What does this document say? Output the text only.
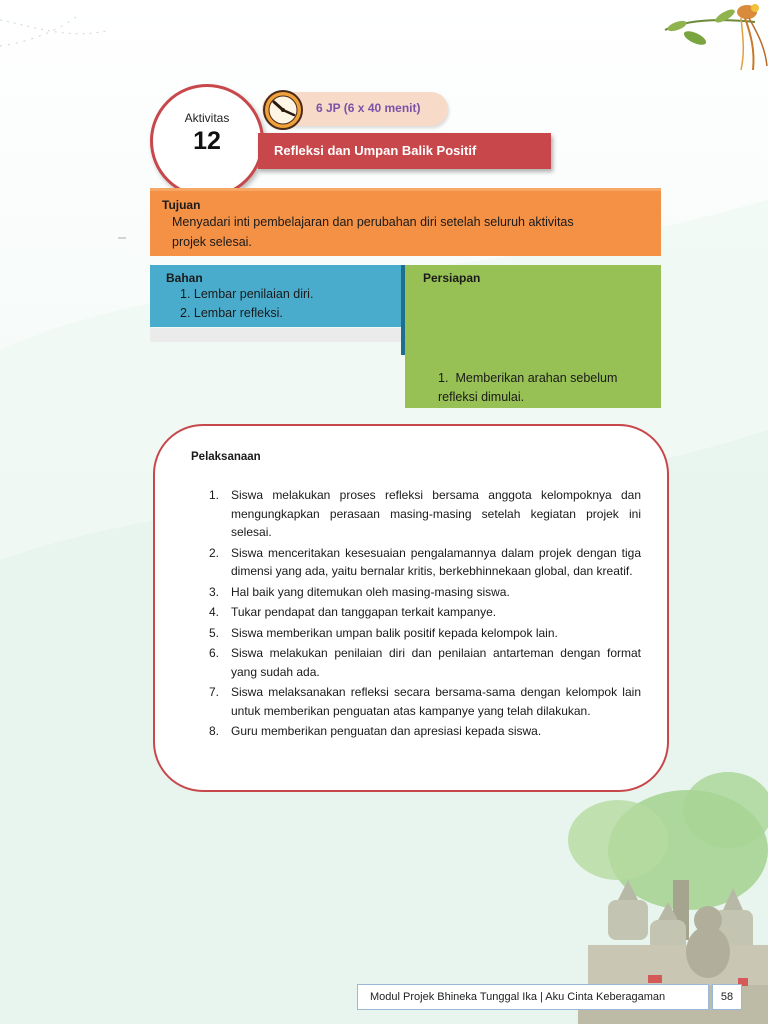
Aktivitas
12
6 JP (6 x 40 menit)
Refleksi dan Umpan Balik Positif
Tujuan
Menyadari inti pembelajaran dan perubahan diri setelah seluruh aktivitas projek selesai.
Bahan
1. Lembar penilaian diri.
2. Lembar refleksi.
Persiapan
1. Memberikan arahan sebelum refleksi dimulai.
Pelaksanaan
1. Siswa melakukan proses refleksi bersama anggota kelompoknya dan mengungkapkan perasaan masing-masing setelah kegiatan projek ini selesai.
2. Siswa menceritakan kesesuaian pengalamannya dalam projek dengan tiga dimensi yang ada, yaitu bernalar kritis, berkebhinnekaan global, dan kreatif.
3. Hal baik yang ditemukan oleh masing-masing siswa.
4. Tukar pendapat dan tanggapan terkait kampanye.
5. Siswa memberikan umpan balik positif kepada kelompok lain.
6. Siswa melakukan penilaian diri dan penilaian antarteman dengan format yang sudah ada.
7. Siswa melaksanakan refleksi secara bersama-sama dengan kelompok lain untuk memberikan penguatan atas kampanye yang telah dilakukan.
8. Guru memberikan penguatan dan apresiasi kepada siswa.
Modul Projek Bhineka Tunggal Ika | Aku Cinta Keberagaman	58
